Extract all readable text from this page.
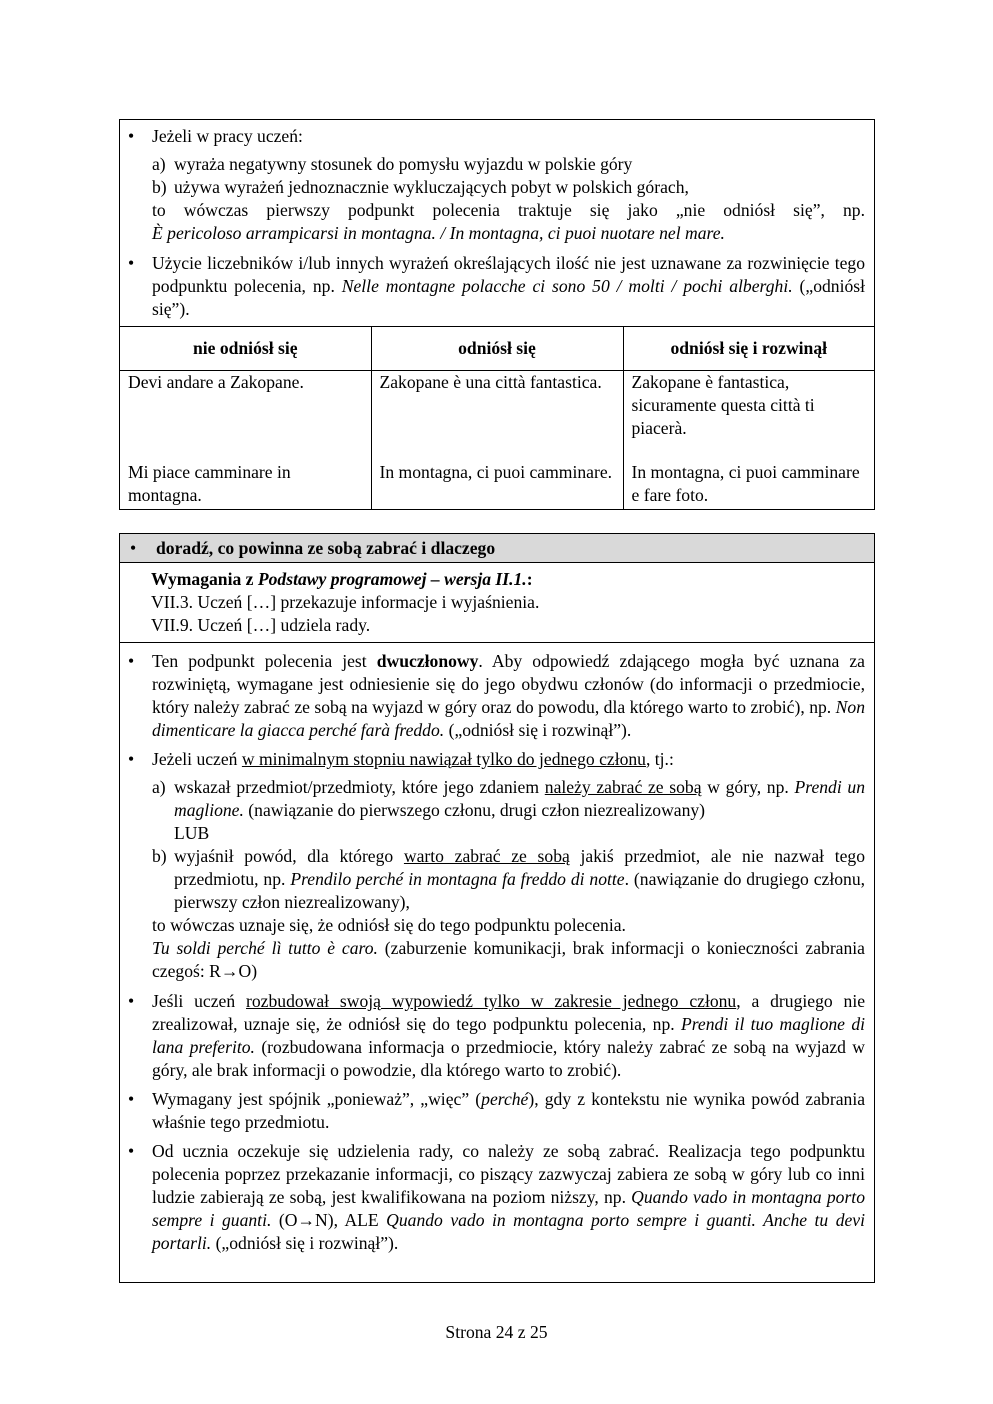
• Jeżeli w pracy uczeń:
a) wyraża negatywny stosunek do pomysłu wyjazdu w polskie góry
b) używa wyrażeń jednoznacznie wykluczających pobyt w polskich górach,
to wówczas pierwszy podpunkt polecenia traktuje się jako „nie odniósł się”, np.
È pericoloso arrampicarsi in montagna. / In montagna, ci puoi nuotare nel mare.
• Użycie liczebników i/lub innych wyrażeń określających ilość nie jest uznawane za rozwinięcie tego podpunktu polecenia, np. Nelle montagne polacche ci sono 50 / molti / pochi alberghi. („odniósł się”).
nie odniósł się	odniósł się	odniósł się i rozwinął
Devi andare a Zakopane.	Zakopane è una città fantastica.	Zakopane è fantastica, sicuramente questa città ti piacerà.
Mi piace camminare in montagna.	In montagna, ci puoi camminare.	In montagna, ci puoi camminare e fare foto.
• doradź, co powinna ze sobą zabrać i dlaczego
Wymagania z Podstawy programowej – wersja II.1.:
VII.3. Uczeń […] przekazuje informacje i wyjaśnienia.
VII.9. Uczeń […] udziela rady.
• Ten podpunkt polecenia jest dwuczłonowy. Aby odpowiedź zdającego mogła być uznana za rozwiniętą, wymagane jest odniesienie się do jego obydwu członów (do informacji o przedmiocie, który należy zabrać ze sobą na wyjazd w góry oraz do powodu, dla którego warto to zrobić), np. Non dimenticare la giacca perché farà freddo. („odniósł się i rozwinął”).
• Jeżeli uczeń w minimalnym stopniu nawiązał tylko do jednego członu, tj.:
a) wskazał przedmiot/przedmioty, które jego zdaniem należy zabrać ze sobą w góry, np. Prendi un maglione. (nawiązanie do pierwszego członu, drugi człon niezrealizowany)
LUB
b) wyjaśnił powód, dla którego warto zabrać ze sobą jakiś przedmiot, ale nie nazwał tego przedmiotu, np. Prendilo perché in montagna fa freddo di notte. (nawiązanie do drugiego członu, pierwszy człon niezrealizowany),
to wówczas uznaje się, że odniósł się do tego podpunktu polecenia.
Tu soldi perché lì tutto è caro. (zaburzenie komunikacji, brak informacji o konieczności zabrania czegoś: R→O)
• Jeśli uczeń rozbudował swoją wypowiedź tylko w zakresie jednego członu, a drugiego nie zrealizował, uznaje się, że odniósł się do tego podpunktu polecenia, np. Prendi il tuo maglione di lana preferito. (rozbudowana informacja o przedmiocie, który należy zabrać ze sobą na wyjazd w góry, ale brak informacji o powodzie, dla którego warto to zrobić).
• Wymagany jest spójnik „ponieważ”, „więc” (perché), gdy z kontekstu nie wynika powód zabrania właśnie tego przedmiotu.
• Od ucznia oczekuje się udzielenia rady, co należy ze sobą zabrać. Realizacja tego podpunktu polecenia poprzez przekazanie informacji, co piszący zazwyczaj zabiera ze sobą w góry lub co inni ludzie zabierają ze sobą, jest kwalifikowana na poziom niższy, np. Quando vado in montagna porto sempre i guanti. (O→N), ALE Quando vado in montagna porto sempre i guanti. Anche tu devi portarli. („odniósł się i rozwinął”).
Strona 24 z 25
